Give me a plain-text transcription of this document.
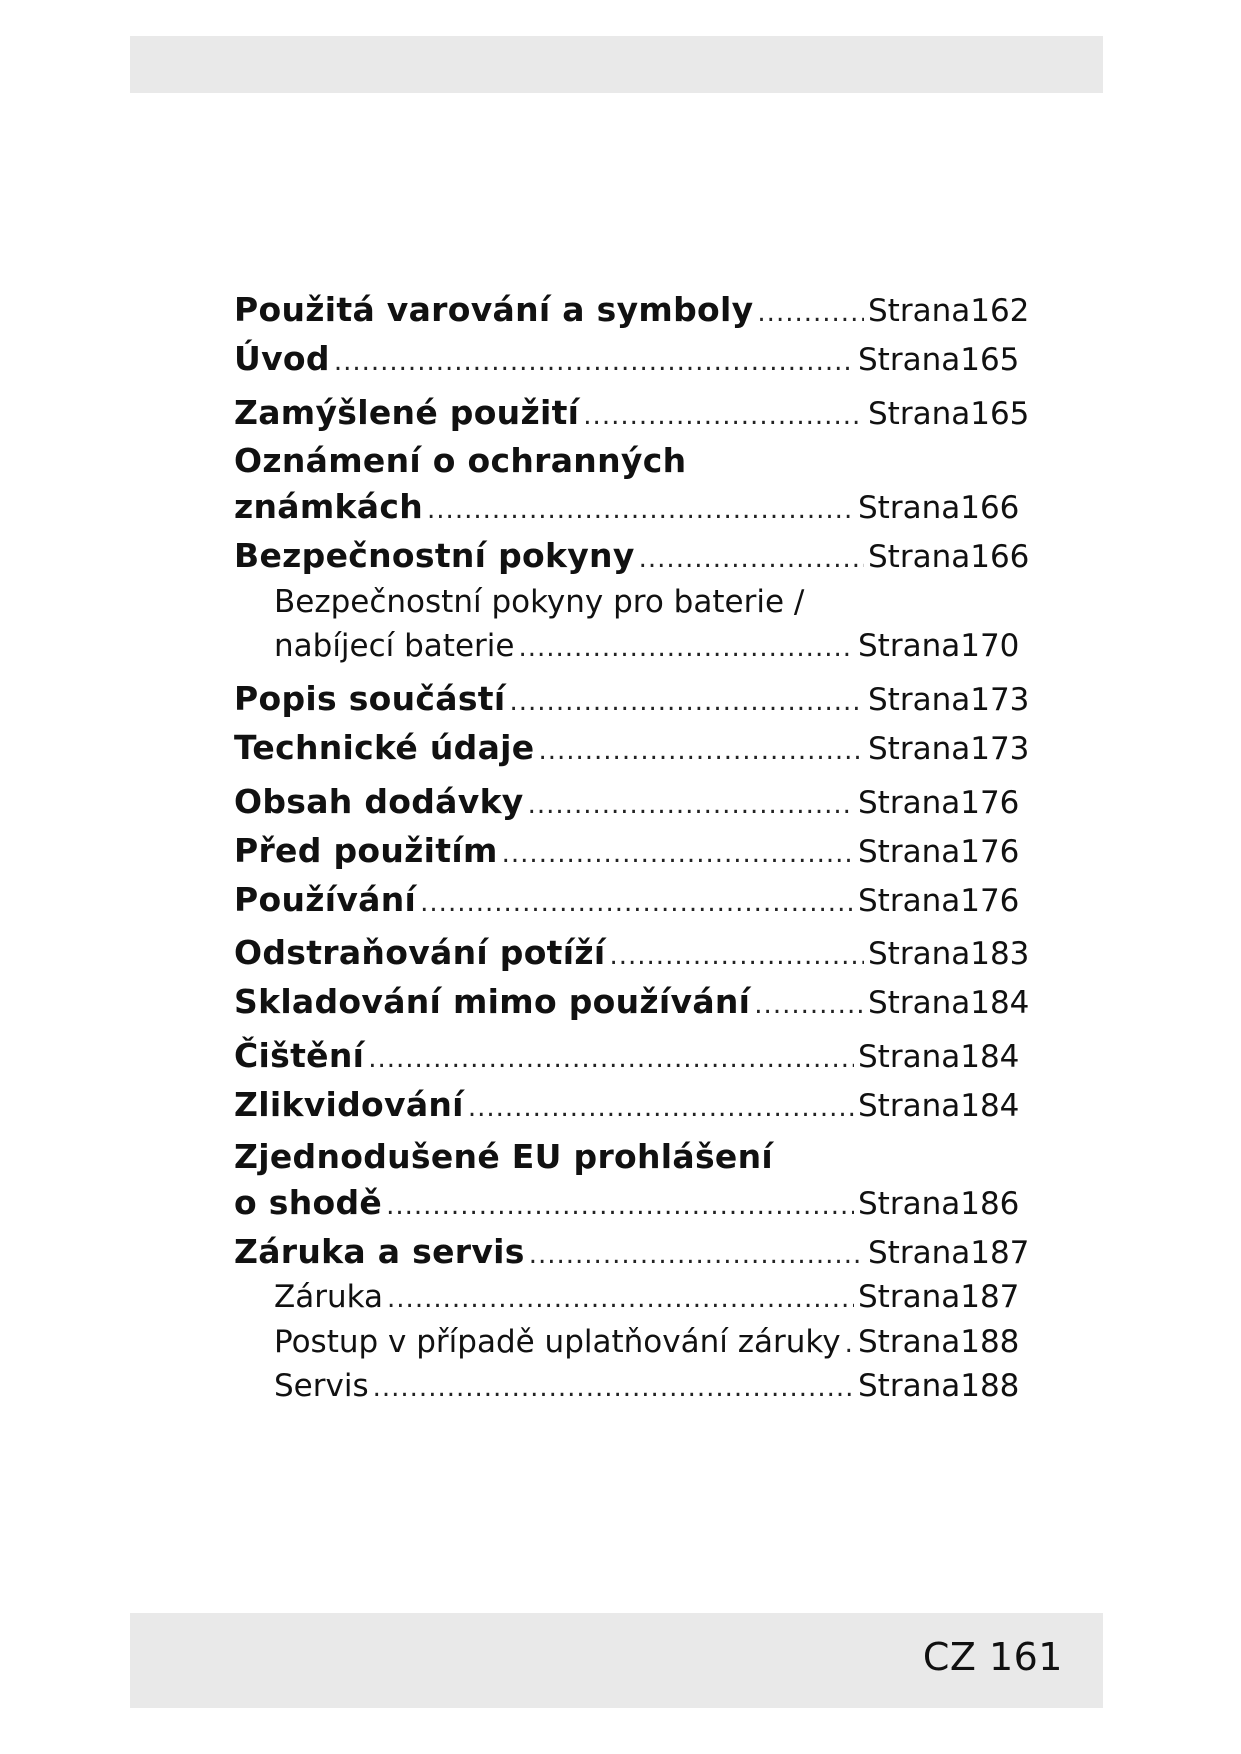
Použitá varování a symboly .....	Strana162
Úvod .....	Strana165
Zamýšlené použití .....	Strana165
Oznámení o ochranných
známkách .....	Strana166
Bezpečnostní pokyny .....	Strana166
Bezpečnostní pokyny pro baterie /
nabíjecí baterie .....	Strana170
Popis součástí .....	Strana173
Technické údaje .....	Strana173
Obsah dodávky .....	Strana176
Před použitím .....	Strana176
Používání .....	Strana176
Odstraňování potíží .....	Strana183
Skladování mimo používání .....	Strana184
Čištění .....	Strana184
Zlikvidování .....	Strana184
Zjednodušené EU prohlášení
o shodě .....	Strana186
Záruka a servis .....	Strana187
Záruka .....	Strana187
Postup v případě uplatňování záruky ..... Strana188
Servis .....	Strana188
CZ 161
